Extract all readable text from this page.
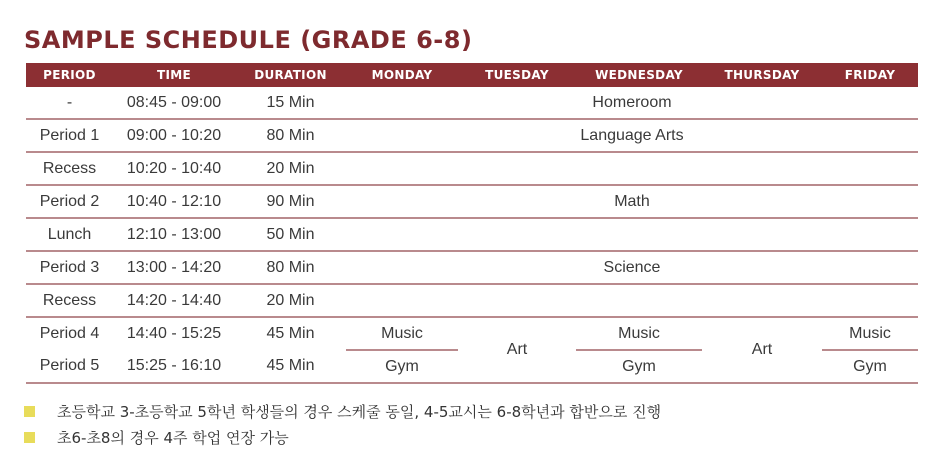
SAMPLE SCHEDULE (GRADE 6-8)
PERIOD	TIME	DURATION	MONDAY	TUESDAY	WEDNESDAY	THURSDAY	FRIDAY
-	08:45 - 09:00	15 Min	Homeroom				
Period 1	09:00 - 10:20	80 Min	Language Arts				
Recess	10:20 - 10:40	20 Min					
Period 2	10:40 - 12:10	90 Min	Math				
Lunch	12:10 - 13:00	50 Min					
Period 3	13:00 - 14:20	80 Min	Science				
Recess	14:20 - 14:40	20 Min					
Period 4	14:40 - 15:25	45 Min	Music	Art	Music	Art	Music
Period 5	15:25 - 16:10	45 Min	Gym		Gym		Gym
초등학교 3-초등학교 5학년 학생들의 경우 스케줄 동일, 4-5교시는 6-8학년과 합반으로 진행
초6-초8의 경우 4주 학업 연장 가능
